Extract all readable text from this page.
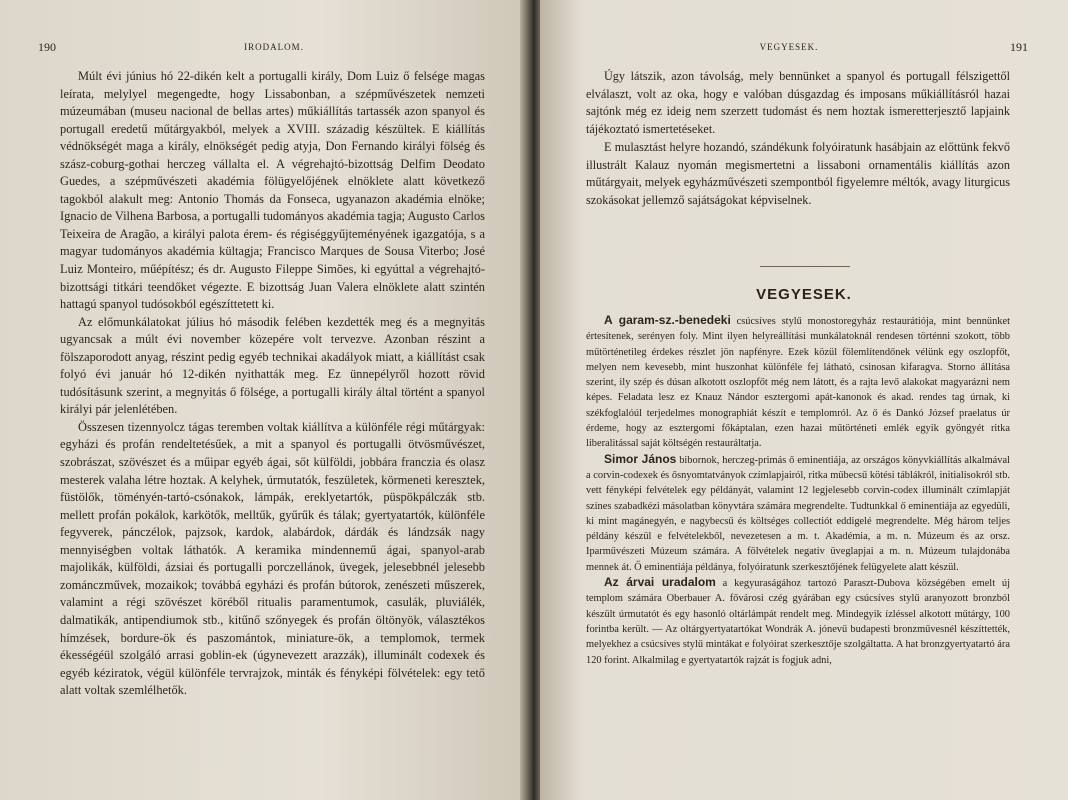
190	IRODALOM.

Múlt évi június hó 22-dikén kelt a portugalli király, Dom Luiz ő felsége magas leírata, melylyel megengedte, hogy Lissabonban, a szépművészetek nemzeti múzeumában (museu nacional de bellas artes) műkiállítás tartassék azon spanyol és portugall eredetű műtárgyakból, melyek a XVIII. századig készültek. E kiállítás védnökségét maga a király, elnökségét pedig atyja, Don Fernando királyi fölség és szász-coburg-gothai herczeg vállalta el. A végrehajtó-bizottság Delfim Deodato Guedes, a szépművészeti akadémia fölügyelőjének elnöklete alatt következő tagokból alakult meg: Antonio Thomás da Fonseca, ugyanazon akadémia elnöke; Ignacio de Vilhena Barbosa, a portugalli tudományos akadémia tagja; Augusto Carlos Teixeira de Aragão, a királyi palota érem- és régiséggyűjteményének igazgatója, s a magyar tudományos akadémia kültagja; Francisco Marques de Sousa Viterbo; José Luiz Monteiro, műépítész; és dr. Augusto Fileppe Simões, ki egyúttal a végrehajtó-bizottsági titkári teendőket végezte. E bizottság Juan Valera elnöklete alatt szintén hattagú spanyol tudósokból egészíttetett ki.

Az előmunkálatokat július hó második felében kezdették meg és a megnyitás ugyancsak a múlt évi november közepére volt tervezve. Azonban részint a fölszaporodott anyag, részint pedig egyéb technikai akadályok miatt, a kiállítást csak folyó évi január hó 12-dikén nyithatták meg. Ez ünnepélyről hozott rövid tudósításunk szerint, a megnyitás ő fölsége, a portugalli király által történt a spanyol királyi pár jelenlétében.

Összesen tizennyolcz tágas teremben voltak kiállítva a különféle régi műtárgyak: egyházi és profán rendeltetésűek, a mit a spanyol és portugalli ötvösművészet, szobrászat, szövészet és a műipar egyéb ágai, sőt külföldi, jobbára franczia és olasz mesterek valaha létre hoztak. A kelyhek, úrmutatók, feszületek, körmeneti keresztek, füstölők, töményén-tartó-csónakok, lámpák, ereklyetartók, püspökpálczák stb. mellett profán pokálok, karkötők, melltűk, gyűrűk és tálak; gyertyatartók, különféle fegyverek, pánczélok, pajzsok, kardok, alabárdok, dárdák és lándzsák nagy mennyiségben voltak láthatók. A keramika mindennemű ágai, spanyol-arab majolikák, külföldi, ázsiai és portugalli porczellánok, üvegek, jelesebbnél jelesebb zománczművek, mozaikok; továbbá egyházi és profán bútorok, zenészeti műszerek, valamint a régi szövészet köréből ritualis paramentumok, casulák, pluviálék, dalmatikák, antipendiumok stb., kitűnő szőnyegek és profán öltönyök, választékos hímzések, bordure-ök és paszomántok, miniature-ök, a templomok, termek ékességéül szolgáló arrasi goblin-ek (úgynevezett arazzák), illuminált codexek és egyéb kéziratok, végül különféle tervrajzok, minták és fényképi fölvételek: egy tető alatt voltak szemlélhetők.

VEGYESEK.	191

Úgy látszik, azon távolság, mely bennünket a spanyol és portugall félszigettől elválaszt, volt az oka, hogy e valóban dúsgazdag és imposans műkiállításról hazai sajtónk még ez ideig nem szerzett tudomást és nem hoztak ismeretterjesztő lapjaink tájékoztató ismertetéseket.

E mulasztást helyre hozandó, szándékunk folyóiratunk hasábjain az előttünk fekvő illustrált Kalauz nyomán megismertetni a lissaboni ornamentális kiállítás azon műtárgyait, melyek egyházművészeti szempontból figyelemre méltók, avagy liturgicus szokásokat jellemző sajátságokat képviselnek.

VEGYESEK.

A garam-sz.-benedeki csúcsíves stylű monostoregyház restaurátiója, mint bennünket értesítenek, serényen foly. Mint ilyen helyreállítási munkálatoknál rendesen történni szokott, több műtörténetileg érdekes részlet jön napfényre. Ezek közül fölemlítendőnek vélünk egy oszlopfőt, melyen nem kevesebb, mint huszonhat különféle fej látható, csinosan kifaragva. Storno állítása szerint, ily szép és dúsan alkotott oszlopfőt még nem látott, és a rajta levő alakokat magyarázni nem képes. Feladata lesz ez Knauz Nándor esztergomi apát-kanonok és akad. rendes tag úrnak, ki székfoglalóúl terjedelmes monographiát készít e templomról. Az ő és Dankó József praelatus úr érdeme, hogy az esztergomi főkáptalan, ezen hazai műtörténeti emlék egyik gyöngyét ritka liberalitással saját költségén restauráltatja.

Simor János bibornok, herczeg-primás ő eminentiája, az országos könyvkiállítás alkalmával a corvin-codexek és ősnyomtatványok czímlapjairól, ritka műbecsű kötési táblákról, initialisokról stb. vett fényképi felvételek egy példányát, valamint 12 legjelesebb corvin-codex illuminált czímlapját színes szabadkézi másolatban könyvtára számára megrendelte. Tudtunkkal ő eminentiája az egyedüli, ki mint magánegyén, e nagybecsű és költséges collectiót eddigelé megrendelte. Még három teljes példány készül e felvételekből, nevezetesen a m. t. Akadémia, a m. n. Múzeum és az orsz. Iparművészeti Múzeum számára. A fölvételek negativ üveglapjai a m. n. Múzeum tulajdonába mennek át. Ő eminentiája példánya, folyóiratunk szerkesztőjének felügyelete alatt készül.

Az árvai uradalom a kegyuraságához tartozó Paraszt-Dubova községében emelt új templom számára Oberbauer A. fővárosi czég gyárában egy csúcsíves stylű aranyozott bronzból készült úrmutatót és egy hasonló oltárlámpát rendelt meg. Mindegyik ízléssel alkotott műtárgy, 100 forintba került. — Az oltárgyertyatartókat Wondrák A. jónevű budapesti bronzművesnél készíttették, melyekhez a csúcsíves stylű mintákat e folyóirat szerkesztője szolgáltatta. A hat bronzgyertyatartó ára 120 forint. Alkalmilag e gyertyatartók rajzát is fogjuk adni,
